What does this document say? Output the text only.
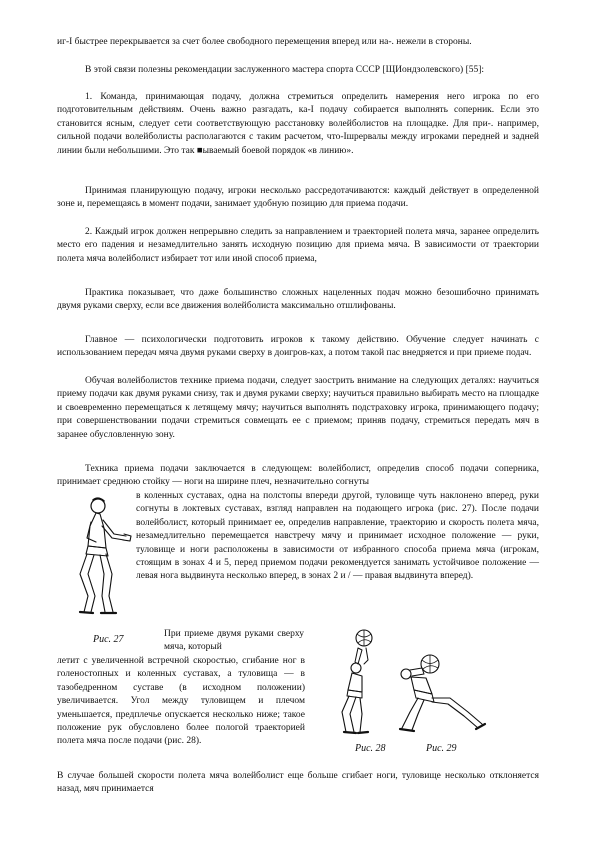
иг-I быстрее перекрывается за счет более свободного перемещения вперед или на-. нежели в стороны.

В этой связи полезны рекомендации заслуженного мастера спорта СССР [ЩИондзолевского) [55]:

1. Команда, принимающая подачу, должна стремиться определить намерения него игрока по его подготовительным действиям. Очень важно разгадать, ка-I подачу собирается выполнять соперник. Если это становится ясным, следует сети соответствующую расстановку волейболистов на площадке. Для при-. например, сильной подачи волейболисты располагаются с таким расчетом, что-Iшрервалы между игроками передней и задней линии были небольшими. Это так ■ываемый боевой порядок «в линию».

Принимая планирующую подачу, игроки несколько рассредотачиваются: каждый действует в определенной зоне и, перемещаясь в момент подачи, занимает удобную позицию для приема подачи.

2. Каждый игрок должен непрерывно следить за направлением и траекторией полета мяча, заранее определить место его падения и незамедлительно занять исходную позицию для приема мяча. В зависимости от траектории полета мяча волейболист избирает тот или иной способ приема,

Практика показывает, что даже большинство сложных нацеленных подач можно безошибочно принимать двумя руками сверху, если все движения волейболиста максимально отшлифованы.

Главное — психологически подготовить игроков к такому действию. Обучение следует начинать с использованием передач мяча двумя руками сверху в доигров-ках, а потом такой пас внедряется и при приеме подач.

Обучая волейболистов технике приема подачи, следует заострить внимание на следующих деталях: научиться приему подачи как двумя руками снизу, так и двумя руками сверху; научиться правильно выбирать место на площадке и своевременно перемещаться к летящему мячу; научиться выполнять подстраховку игрока, принимающего подачу; при совершенствовании подачи стремиться совмещать ее с приемом; приняв подачу, стремиться передать мяч в заранее обусловленную зону.

Техника приема подачи заключается в следующем: волейболист, определив способ подачи соперника, принимает среднюю стойку — ноги на ширине плеч, незначительно согнуты

в коленных суставах, одна на полстопы впереди другой, туловище чуть наклонено вперед, руки согнуты в локтевых суставах, взгляд направлен на подающего игрока (рис. 27). После подачи волейболист, который принимает ее, определив направление, траекторию и скорость полета мяча, незамедлительно перемещается навстречу мячу и принимает исходное положение — руки, туловище и ноги расположены в зависимости от избранного способа приема мяча (игрокам, стоящим в зонах 4 и 5, перед приемом подачи рекомендуется занимать устойчивое положение — левая нога выдвинута несколько вперед, в зонах 2 и / — правая выдвинута вперед).

Рис. 27	При приеме двумя руками сверху мяча, который

летит с увеличенной встречной скоростью, сгибание ног в голеностопных и коленных суставах, а туловища — в тазобедренном суставе (в исходном положении) увеличивается. Угол между туловищем и плечом уменьшается, предплечье опускается несколько ниже; такое положение рук обусловлено более пологой траекторией полета мяча после подачи (рис. 28).

Рис. 28	Рис. 29

В случае большей скорости полета мяча волейболист еще больше сгибает ноги, туловище несколько отклоняется назад, мяч принимается
